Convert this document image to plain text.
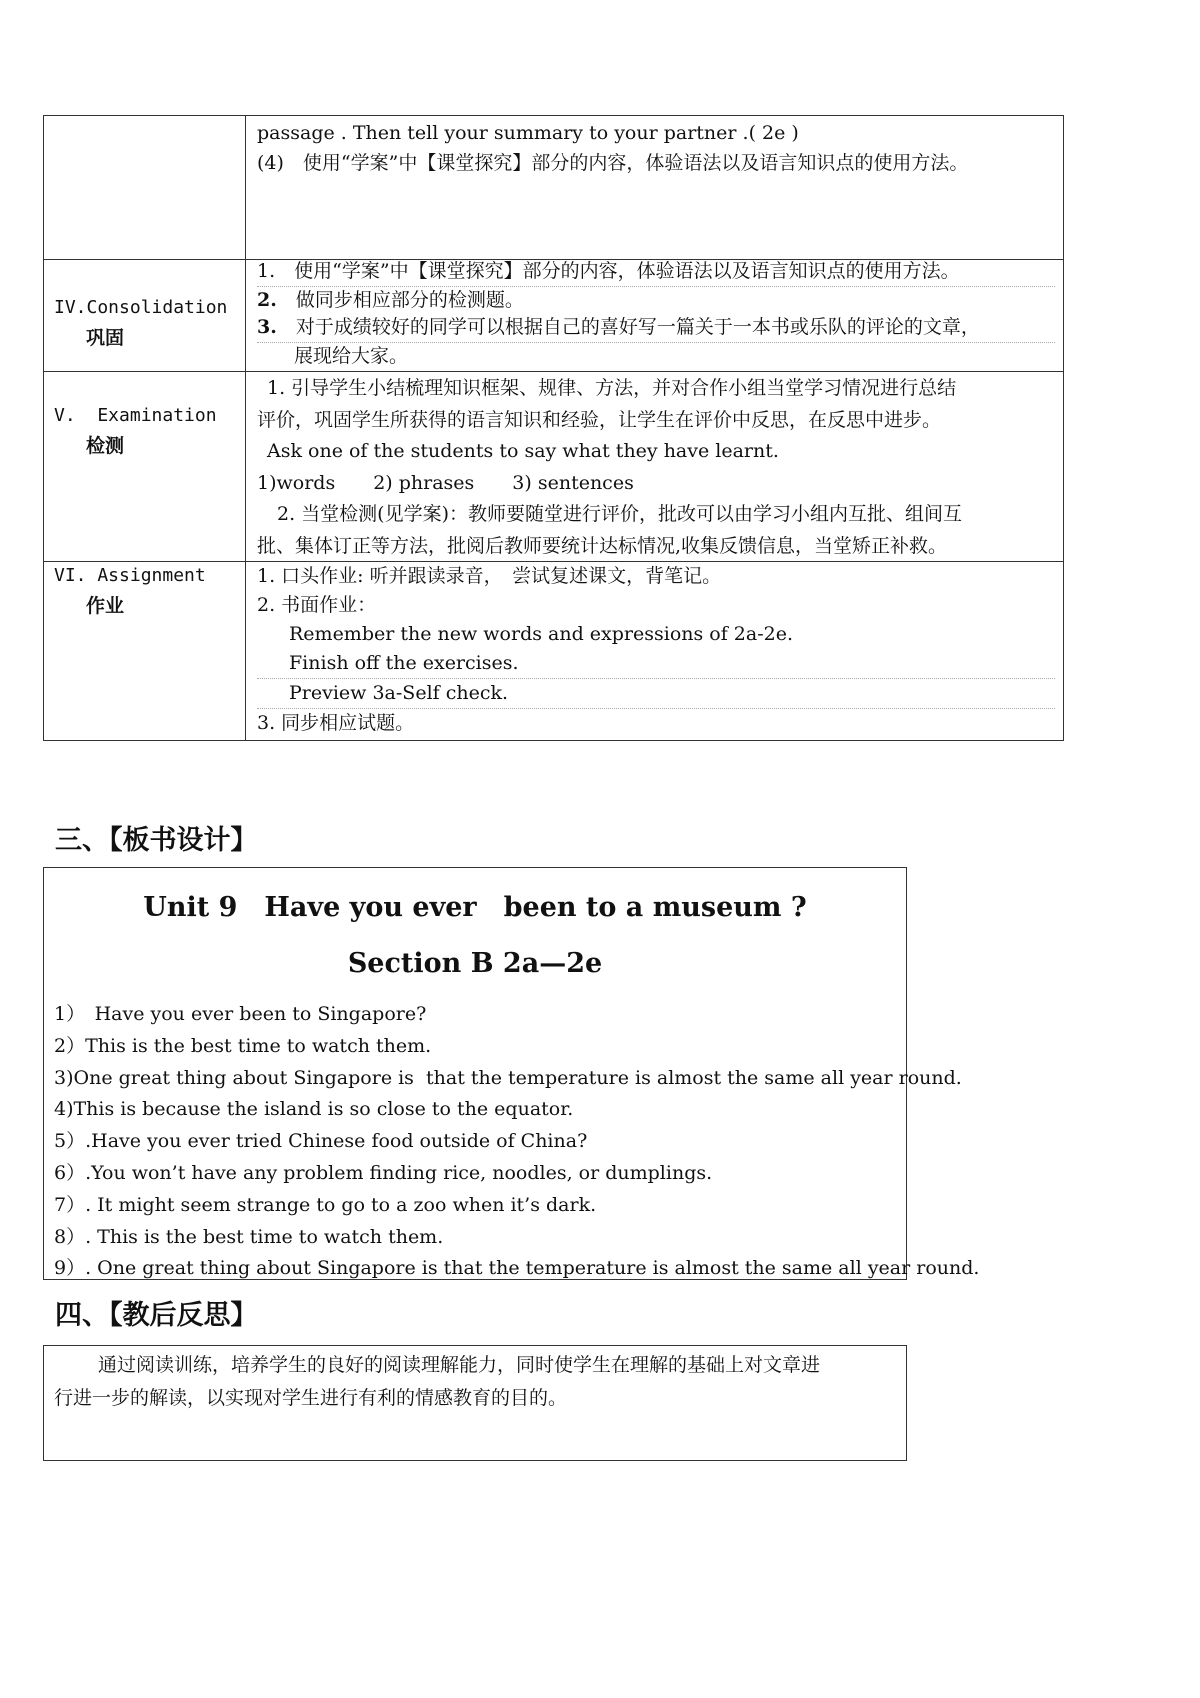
passage . Then tell your summary to your partner .( 2e )
(4)　使用“学案”中【课堂探究】部分的内容，体验语法以及语言知识点的使用方法。
IV.Consolidation
巩固
1.　 使用“学案”中【课堂探究】部分的内容，体验语法以及语言知识点的使用方法。
2.　 做同步相应部分的检测题。
3.　 对于成绩较好的同学可以根据自己的喜好写一篇关于一本书或乐队的评论的文章，
展现给大家。
V.  Examination
检测
1. 引导学生小结梳理知识框架、规律、方法，并对合作小组当堂学习情况进行总结
评价，巩固学生所获得的语言知识和经验，让学生在评价中反思，在反思中进步。
Ask one of the students to say what they have learnt.
1)words　　2) phrases　　3) sentences
2. 当堂检测(见学案)：教师要随堂进行评价，批改可以由学习小组内互批、组间互
批、集体订正等方法，批阅后教师要统计达标情况,收集反馈信息，当堂矫正补救。
VI. Assignment
作业
1. 口头作业: 听并跟读录音，　尝试复述课文，背笔记。
2. 书面作业：
Remember the new words and expressions of 2a-2e.
Finish off the exercises.
Preview 3a-Self check.
3. 同步相应试题。
三、【板书设计】
Unit 9　Have you ever　been to a museum ?
Section B 2a—2e
1）　Have you ever been to Singapore?
2）This is the best time to watch them.
3)One great thing about Singapore is  that the temperature is almost the same all year round.
4)This is because the island is so close to the equator.
5）.Have you ever tried Chinese food outside of China?
6）.You won’t have any problem finding rice, noodles, or dumplings.
7）. It might seem strange to go to a zoo when it’s dark.
8）. This is the best time to watch them.
9）. One great thing about Singapore is that the temperature is almost the same all year round.
四、【教后反思】
通过阅读训练，培养学生的良好的阅读理解能力，同时使学生在理解的基础上对文章进
行进一步的解读，以实现对学生进行有利的情感教育的目的。
